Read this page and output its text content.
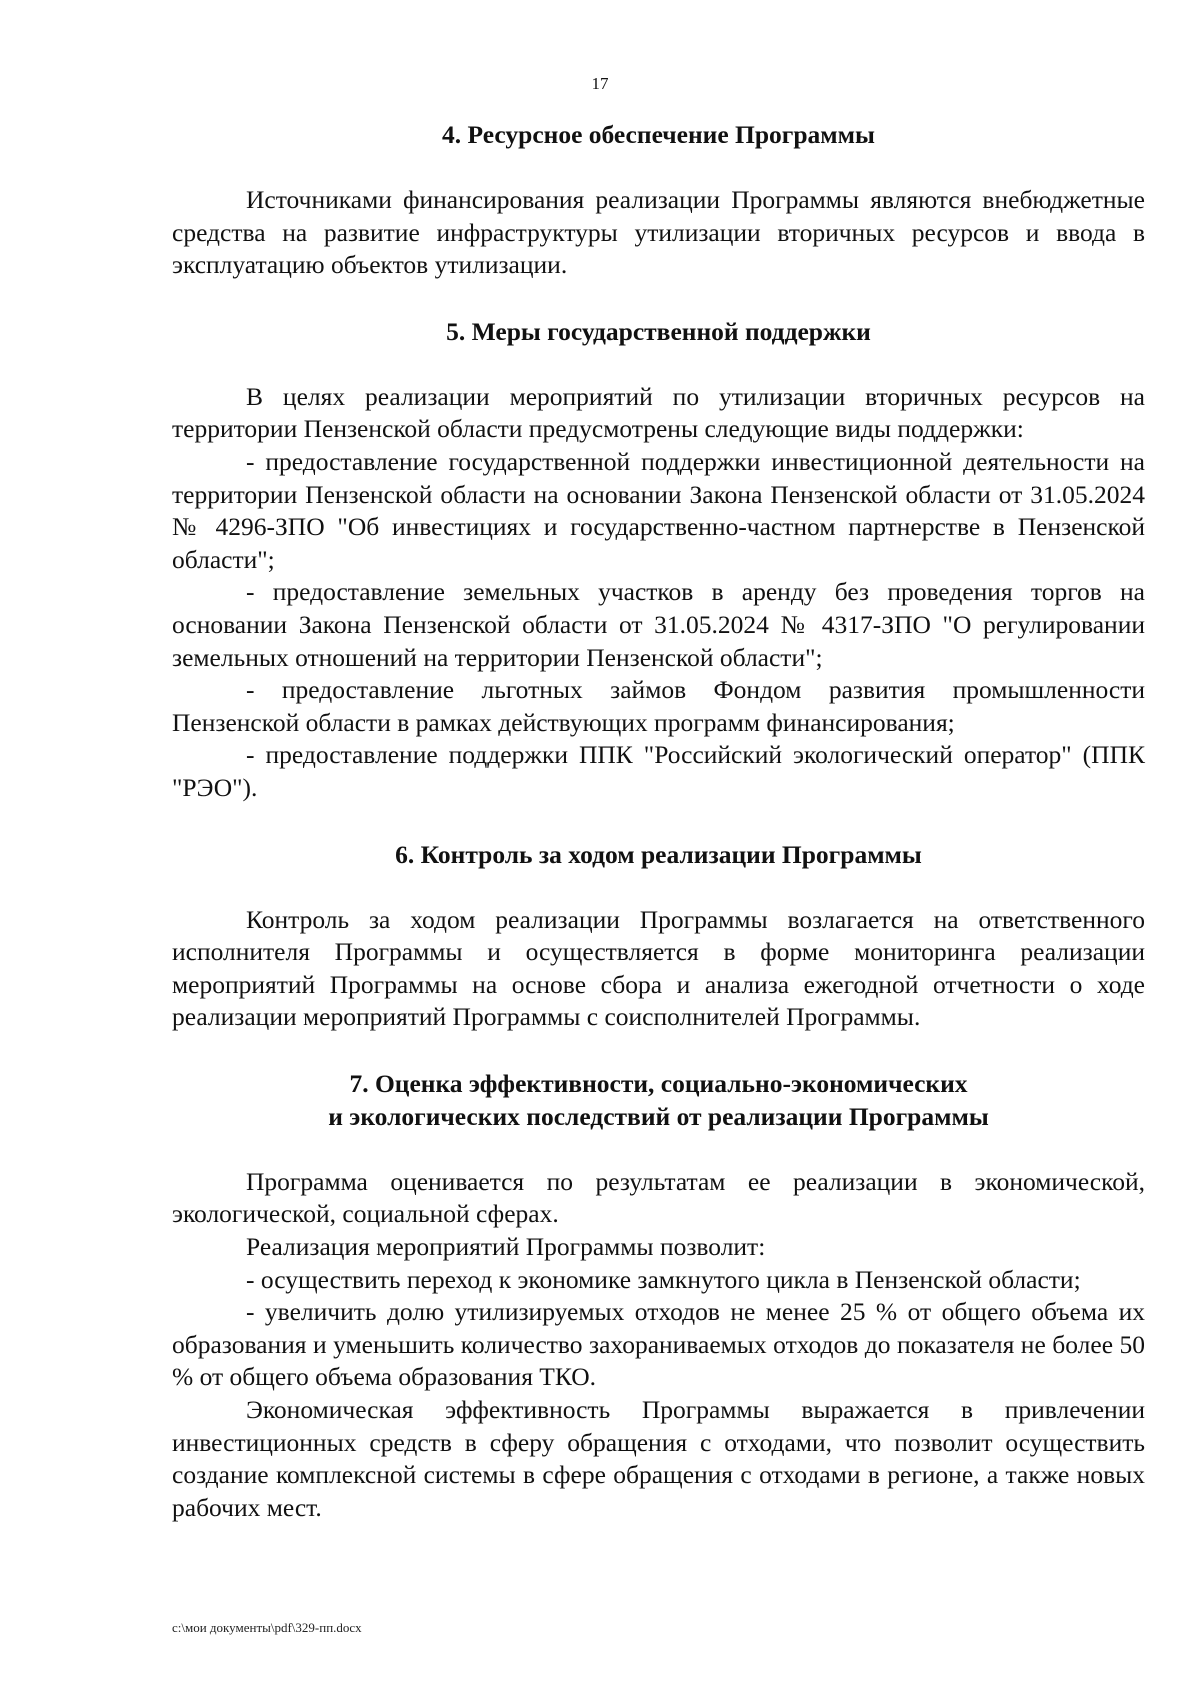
17
4. Ресурсное обеспечение Программы

Источниками финансирования реализации Программы являются внебюджетные средства на развитие инфраструктуры утилизации вторичных ресурсов и ввода в эксплуатацию объектов утилизации.

5. Меры государственной поддержки

В целях реализации мероприятий по утилизации вторичных ресурсов на территории Пензенской области предусмотрены следующие виды поддержки:

- предоставление государственной поддержки инвестиционной деятельности на территории Пензенской области на основании Закона Пензенской области от 31.05.2024 № 4296-ЗПО "Об инвестициях и государственно-частном партнерстве в Пензенской области";

- предоставление земельных участков в аренду без проведения торгов на основании Закона Пензенской области от 31.05.2024 № 4317-ЗПО "О регулировании земельных отношений на территории Пензенской области";

- предоставление льготных займов Фондом развития промышленности Пензенской области в рамках действующих программ финансирования;

- предоставление поддержки ППК "Российский экологический оператор" (ППК "РЭО").

6. Контроль за ходом реализации Программы

Контроль за ходом реализации Программы возлагается на ответственного исполнителя Программы и осуществляется в форме мониторинга реализации мероприятий Программы на основе сбора и анализа ежегодной отчетности о ходе реализации мероприятий Программы с соисполнителей Программы.

7. Оценка эффективности, социально-экономических
и экологических последствий от реализации Программы

Программа оценивается по результатам ее реализации в экономической, экологической, социальной сферах.

Реализация мероприятий Программы позволит:

- осуществить переход к экономике замкнутого цикла в Пензенской области;

- увеличить долю утилизируемых отходов не менее 25 % от общего объема их образования и уменьшить количество захораниваемых отходов до показателя не более 50 % от общего объема образования ТКО.

Экономическая эффективность Программы выражается в привлечении инвестиционных средств в сферу обращения с отходами, что позволит осуществить создание комплексной системы в сфере обращения с отходами в регионе, а также новых рабочих мест.

c:\мои документы\pdf\329-пп.docx
